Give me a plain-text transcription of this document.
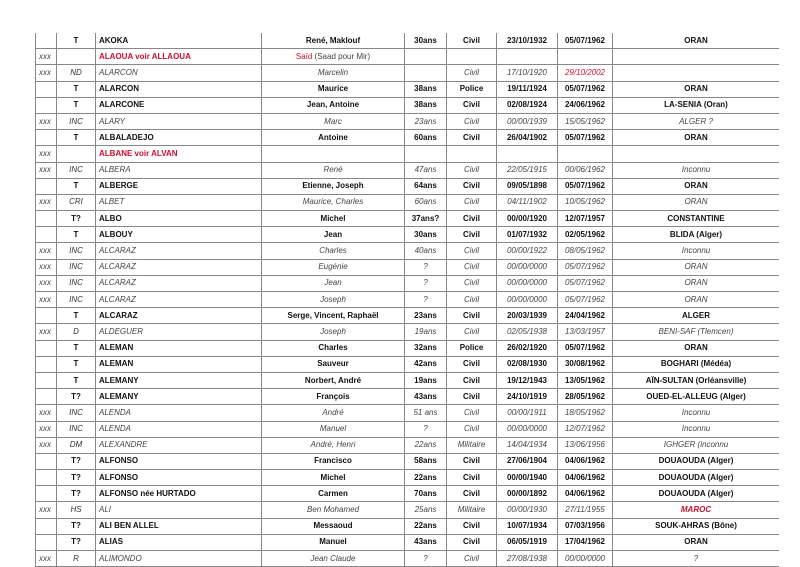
	T	AKOKA	René, Maklouf	30ans	Civil	23/10/1932	05/07/1962	ORAN
xxx		ALAOUA voir ALLAOUA	Saïd (Saad pour Mir)					
xxx	ND	ALARCON	Marcelin		Civil	17/10/1920	29/10/2002	
	T	ALARCON	Maurice	38ans	Police	19/11/1924	05/07/1962	ORAN
	T	ALARCONE	Jean, Antoine	38ans	Civil	02/08/1924	24/06/1962	LA-SENIA (Oran)
xxx	INC	ALARY	Marc	23ans	Civil	00/00/1939	15/05/1962	ALGER ?
	T	ALBALADEJO	Antoine	60ans	Civil	26/04/1902	05/07/1962	ORAN
xxx		ALBANE voir ALVAN						
xxx	INC	ALBERA	René	47ans	Civil	22/05/1915	00/06/1962	Inconnu
	T	ALBERGE	Etienne, Joseph	64ans	Civil	09/05/1898	05/07/1962	ORAN
xxx	CRI	ALBET	Maurice, Charles	60ans	Civil	04/11/1902	10/05/1962	ORAN
	T?	ALBO	Michel	37ans?	Civil	00/00/1920	12/07/1957	CONSTANTINE
	T	ALBOUY	Jean	30ans	Civil	01/07/1932	02/05/1962	BLIDA (Alger)
xxx	INC	ALCARAZ	Charles	40ans	Civil	00/00/1922	08/05/1962	Inconnu
xxx	INC	ALCARAZ	Eugénie	?	Civil	00/00/0000	05/07/1962	ORAN
xxx	INC	ALCARAZ	Jean	?	Civil	00/00/0000	05/07/1962	ORAN
xxx	INC	ALCARAZ	Joseph	?	Civil	00/00/0000	05/07/1962	ORAN
	T	ALCARAZ	Serge, Vincent, Raphaël	23ans	Civil	20/03/1939	24/04/1962	ALGER
xxx	D	ALDEGUER	Joseph	19ans	Civil	02/05/1938	13/03/1957	BENI-SAF (Tlemcen)
	T	ALEMAN	Charles	32ans	Police	26/02/1920	05/07/1962	ORAN
	T	ALEMAN	Sauveur	42ans	Civil	02/08/1930	30/08/1962	BOGHARI (Médéa)
	T	ALEMANY	Norbert, André	19ans	Civil	19/12/1943	13/05/1962	AÏN-SULTAN (Orléansville)
	T?	ALEMANY	François	43ans	Civil	24/10/1919	28/05/1962	OUED-EL-ALLEUG (Alger)
xxx	INC	ALENDA	André	51 ans	Civil	00/00/1911	18/05/1962	Inconnu
xxx	INC	ALENDA	Manuel	?	Civil	00/00/0000	12/07/1962	Inconnu
xxx	DM	ALEXANDRE	André, Henri	22ans	Militaire	14/04/1934	13/06/1956	IGHGER (inconnu
	T?	ALFONSO	Francisco	58ans	Civil	27/06/1904	04/06/1962	DOUAOUDA (Alger)
	T?	ALFONSO	Michel	22ans	Civil	00/00/1940	04/06/1962	DOUAOUDA (Alger)
	T?	ALFONSO née HURTADO	Carmen	70ans	Civil	00/00/1892	04/06/1962	DOUAOUDA (Alger)
xxx	HS	ALI	Ben Mohamed	25ans	Militaire	00/00/1930	27/11/1955	MAROC
	T?	ALI BEN ALLEL	Messaoud	22ans	Civil	10/07/1934	07/03/1956	SOUK-AHRAS (Bône)
	T?	ALIAS	Manuel	43ans	Civil	06/05/1919	17/04/1962	ORAN
xxx	R	ALIMONDO	Jean Claude	?	Civil	27/08/1938	00/00/0000	?
